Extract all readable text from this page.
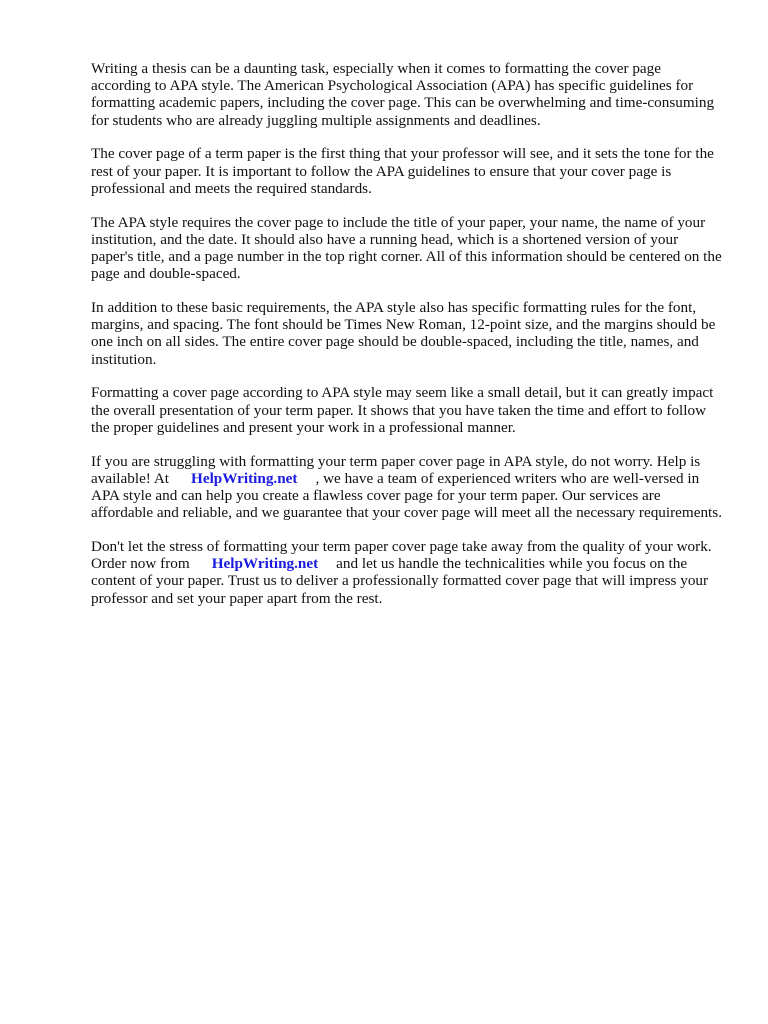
Writing a thesis can be a daunting task, especially when it comes to formatting the cover page according to APA style. The American Psychological Association (APA) has specific guidelines for formatting academic papers, including the cover page. This can be overwhelming and time-consuming for students who are already juggling multiple assignments and deadlines.

The cover page of a term paper is the first thing that your professor will see, and it sets the tone for the rest of your paper. It is important to follow the APA guidelines to ensure that your cover page is professional and meets the required standards.

The APA style requires the cover page to include the title of your paper, your name, the name of your institution, and the date. It should also have a running head, which is a shortened version of your paper's title, and a page number in the top right corner. All of this information should be centered on the page and double-spaced.

In addition to these basic requirements, the APA style also has specific formatting rules for the font, margins, and spacing. The font should be Times New Roman, 12-point size, and the margins should be one inch on all sides. The entire cover page should be double-spaced, including the title, names, and institution.

Formatting a cover page according to APA style may seem like a small detail, but it can greatly impact the overall presentation of your term paper. It shows that you have taken the time and effort to follow the proper guidelines and present your work in a professional manner.

If you are struggling with formatting your term paper cover page in APA style, do not worry. Help is available! At HelpWriting.net , we have a team of experienced writers who are well-versed in APA style and can help you create a flawless cover page for your term paper. Our services are affordable and reliable, and we guarantee that your cover page will meet all the necessary requirements.

Don't let the stress of formatting your term paper cover page take away from the quality of your work. Order now from HelpWriting.net and let us handle the technicalities while you focus on the content of your paper. Trust us to deliver a professionally formatted cover page that will impress your professor and set your paper apart from the rest.
